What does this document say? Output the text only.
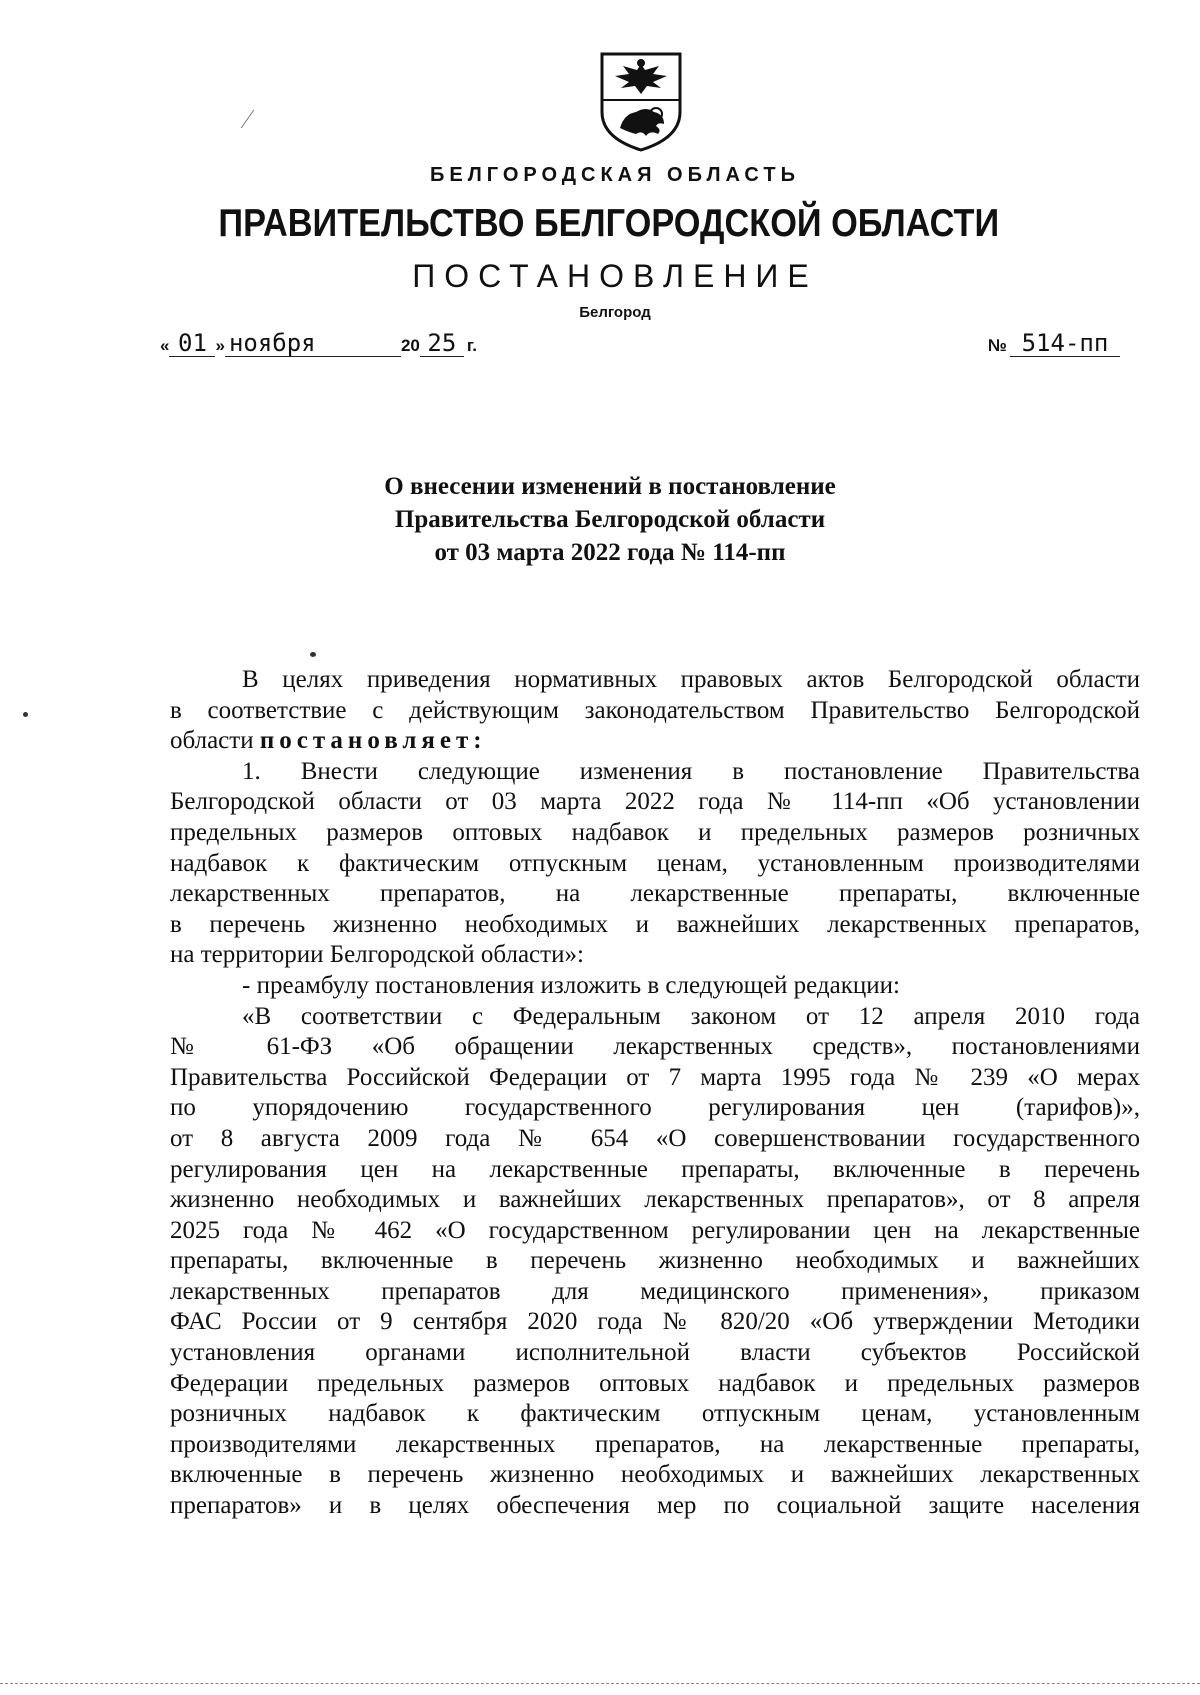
БЕЛГОРОДСКАЯ ОБЛАСТЬ
ПРАВИТЕЛЬСТВО БЕЛГОРОДСКОЙ ОБЛАСТИ
ПОСТАНОВЛЕНИЕ
Белгород
« 01 » ноября	20 25 г.	№ 514-пп
О внесении изменений в постановление
Правительства Белгородской области
от 03 марта 2022 года № 114-пп
В целях приведения нормативных правовых актов Белгородской области
в соответствие с действующим законодательством Правительство Белгородской
области постановляет:
1. Внести следующие изменения в постановление Правительства
Белгородской области от 03 марта 2022 года № 114-пп «Об установлении
предельных размеров оптовых надбавок и предельных размеров розничных
надбавок к фактическим отпускным ценам, установленным производителями
лекарственных препаратов, на лекарственные препараты, включенные
в перечень жизненно необходимых и важнейших лекарственных препаратов,
на территории Белгородской области»:
- преамбулу постановления изложить в следующей редакции:
«В соответствии с Федеральным законом от 12 апреля 2010 года
№ 61-ФЗ «Об обращении лекарственных средств», постановлениями
Правительства Российской Федерации от 7 марта 1995 года № 239 «О мерах
по упорядочению государственного регулирования цен (тарифов)»,
от 8 августа 2009 года № 654 «О совершенствовании государственного
регулирования цен на лекарственные препараты, включенные в перечень
жизненно необходимых и важнейших лекарственных препаратов», от 8 апреля
2025 года № 462 «О государственном регулировании цен на лекарственные
препараты, включенные в перечень жизненно необходимых и важнейших
лекарственных препаратов для медицинского применения», приказом
ФАС России от 9 сентября 2020 года № 820/20 «Об утверждении Методики
установления органами исполнительной власти субъектов Российской
Федерации предельных размеров оптовых надбавок и предельных размеров
розничных надбавок к фактическим отпускным ценам, установленным
производителями лекарственных препаратов, на лекарственные препараты,
включенные в перечень жизненно необходимых и важнейших лекарственных
препаратов» и в целях обеспечения мер по социальной защите населения
